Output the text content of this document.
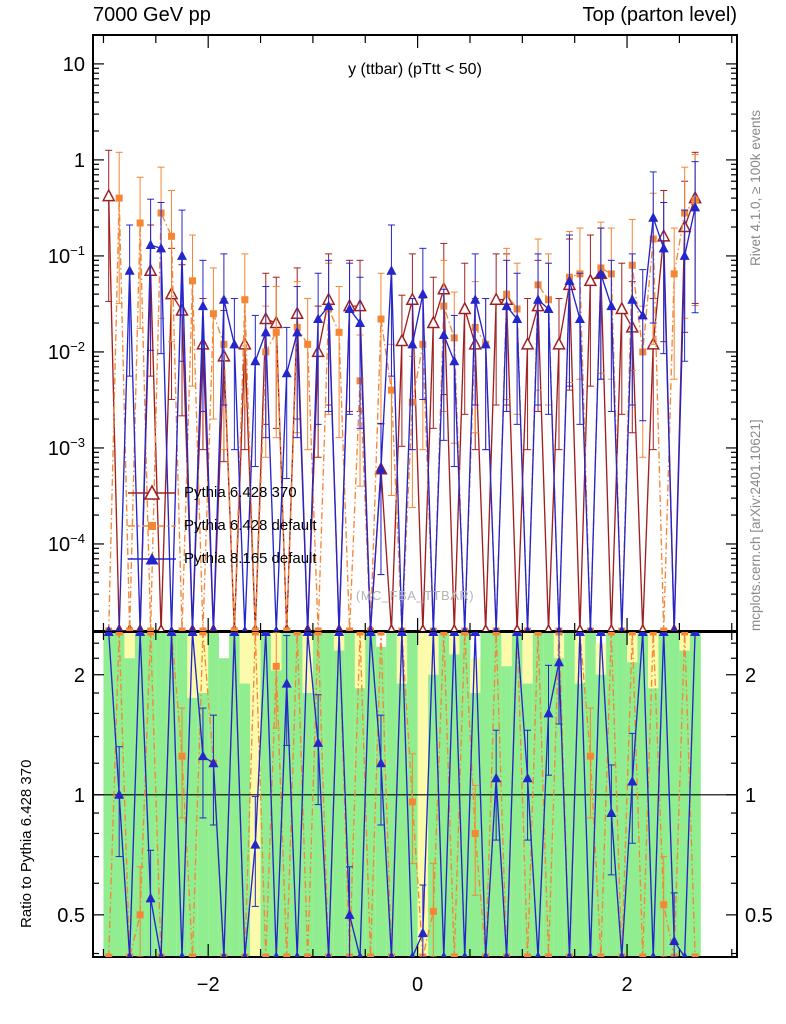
7000 GeV pp	Top (parton level)
10
1
$10^{-1}$
$10^{-2}$
$10^{-3}$
$10^{-4}$
2	2
1	1
0.5	0.5
−2	0	2
y (ttbar) (pTtt < 50)
Pythia 6.428 370
Pythia 6.428 default
Pythia 8.165 default
(MC_FBA_TTBAR)
Rivet 4.1.0, ≥ 100k events
mcplots.cern.ch [arXiv:2401.10621]
Ratio to Pythia 6.428 370
